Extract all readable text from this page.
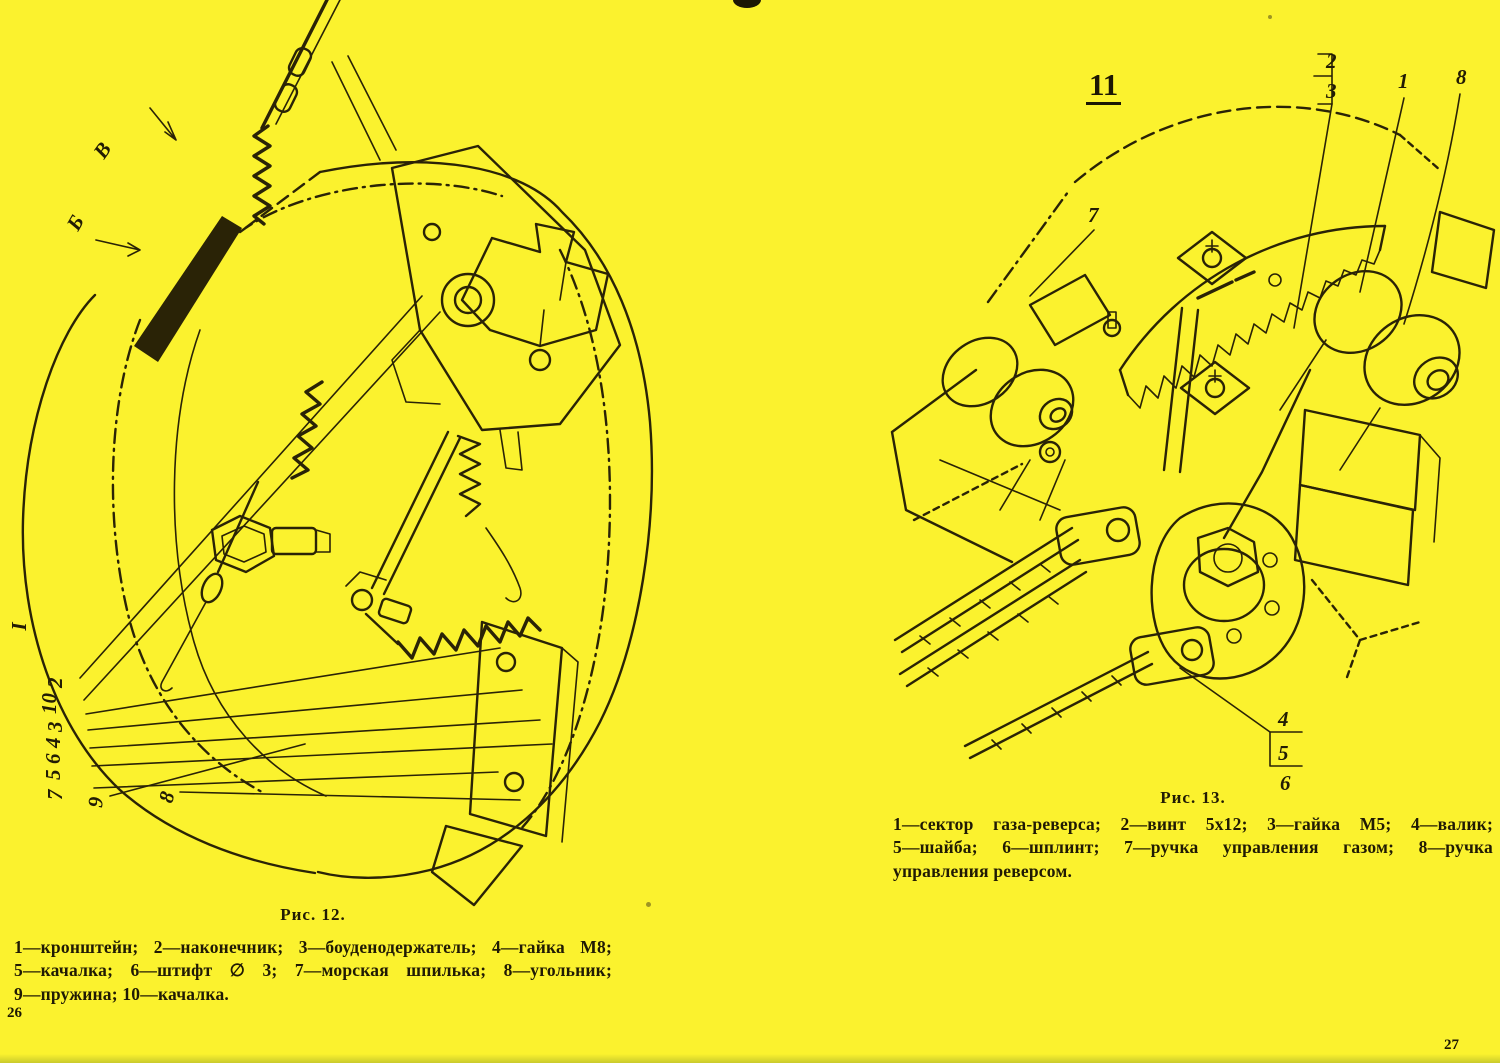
В
Б
I
2
10
3
4
6
5
7
9 8
2
3	1 8
7
4
5
6
11
Рис. 12.
1—кронштейн; 2—наконечник; 3—боуденодержатель; 4—гайка М8;
5—качалка; 6—штифт ∅ 3; 7—морская шпилька; 8—угольник;
9—пружина; 10—качалка.
Рис. 13.
1—сектор газа-реверса; 2—винт 5х12; 3—гайка М5; 4—валик;
5—шайба; 6—шплинт; 7—ручка управления газом; 8—ручка
управления реверсом.
26
27
